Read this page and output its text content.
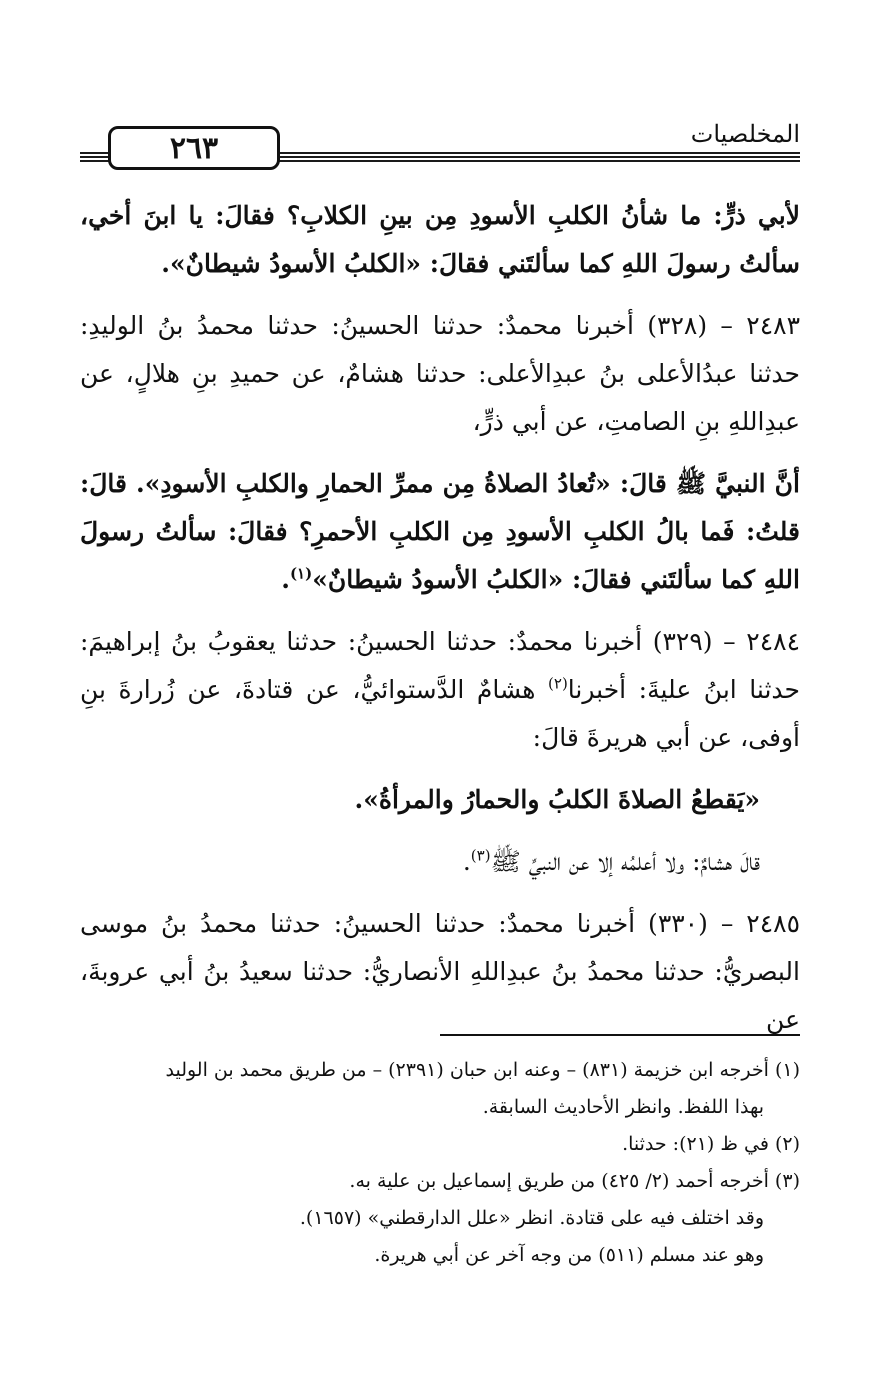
٢٦٣	المخلصيات

لأبي ذرٍّ: ما شأنُ الكلبِ الأسودِ مِن بينِ الكلابِ؟ فقالَ: يا ابنَ أخي، سألتُ رسولَ اللهِ كما سألتَني فقالَ: «الكلبُ الأسودُ شيطانٌ».

٢٤٨٣ – (٣٢٨) أخبرنا محمدٌ: حدثنا الحسينُ: حدثنا محمدُ بنُ الوليدِ: حدثنا عبدُالأعلى بنُ عبدِالأعلى: حدثنا هشامٌ، عن حميدِ بنِ هلالٍ، عن عبدِاللهِ بنِ الصامتِ، عن أبي ذرٍّ،

أنَّ النبيَّ ﷺ قالَ: «تُعادُ الصلاةُ مِن ممرِّ الحمارِ والكلبِ الأسودِ». قالَ: قلتُ: فَما بالُ الكلبِ الأسودِ مِن الكلبِ الأحمرِ؟ فقالَ: سألتُ رسولَ اللهِ كما سألتَني فقالَ: «الكلبُ الأسودُ شيطانٌ»$^{(١)}$.

٢٤٨٤ – (٣٢٩) أخبرنا محمدٌ: حدثنا الحسينُ: حدثنا يعقوبُ بنُ إبراهيمَ: حدثنا ابنُ عليةَ: أخبرنا$^{(٢)}$ هشامٌ الدَّستوائيُّ، عن قتادةَ، عن زُرارةَ بنِ أوفى، عن أبي هريرةَ قالَ:

«يَقطعُ الصلاةَ الكلبُ والحمارُ والمرأةُ».

قالَ هشامٌ: ولا أعلمُه إلا عن النبيِّ ﷺ$^{(٣)}$.

٢٤٨٥ – (٣٣٠) أخبرنا محمدٌ: حدثنا الحسينُ: حدثنا محمدُ بنُ موسى البصريُّ: حدثنا محمدُ بنُ عبدِاللهِ الأنصاريُّ: حدثنا سعيدُ بنُ أبي عروبةَ، عن

(١) أخرجه ابن خزيمة (٨٣١) – وعنه ابن حبان (٢٣٩١) – من طريق محمد بن الوليد

بهذا اللفظ. وانظر الأحاديث السابقة.

(٢) في ظ (٢١): حدثنا.

(٣) أخرجه أحمد (٢/ ٤٢٥) من طريق إسماعيل بن علية به.

وقد اختلف فيه على قتادة. انظر «علل الدارقطني» (١٦٥٧).

وهو عند مسلم (٥١١) من وجه آخر عن أبي هريرة.
